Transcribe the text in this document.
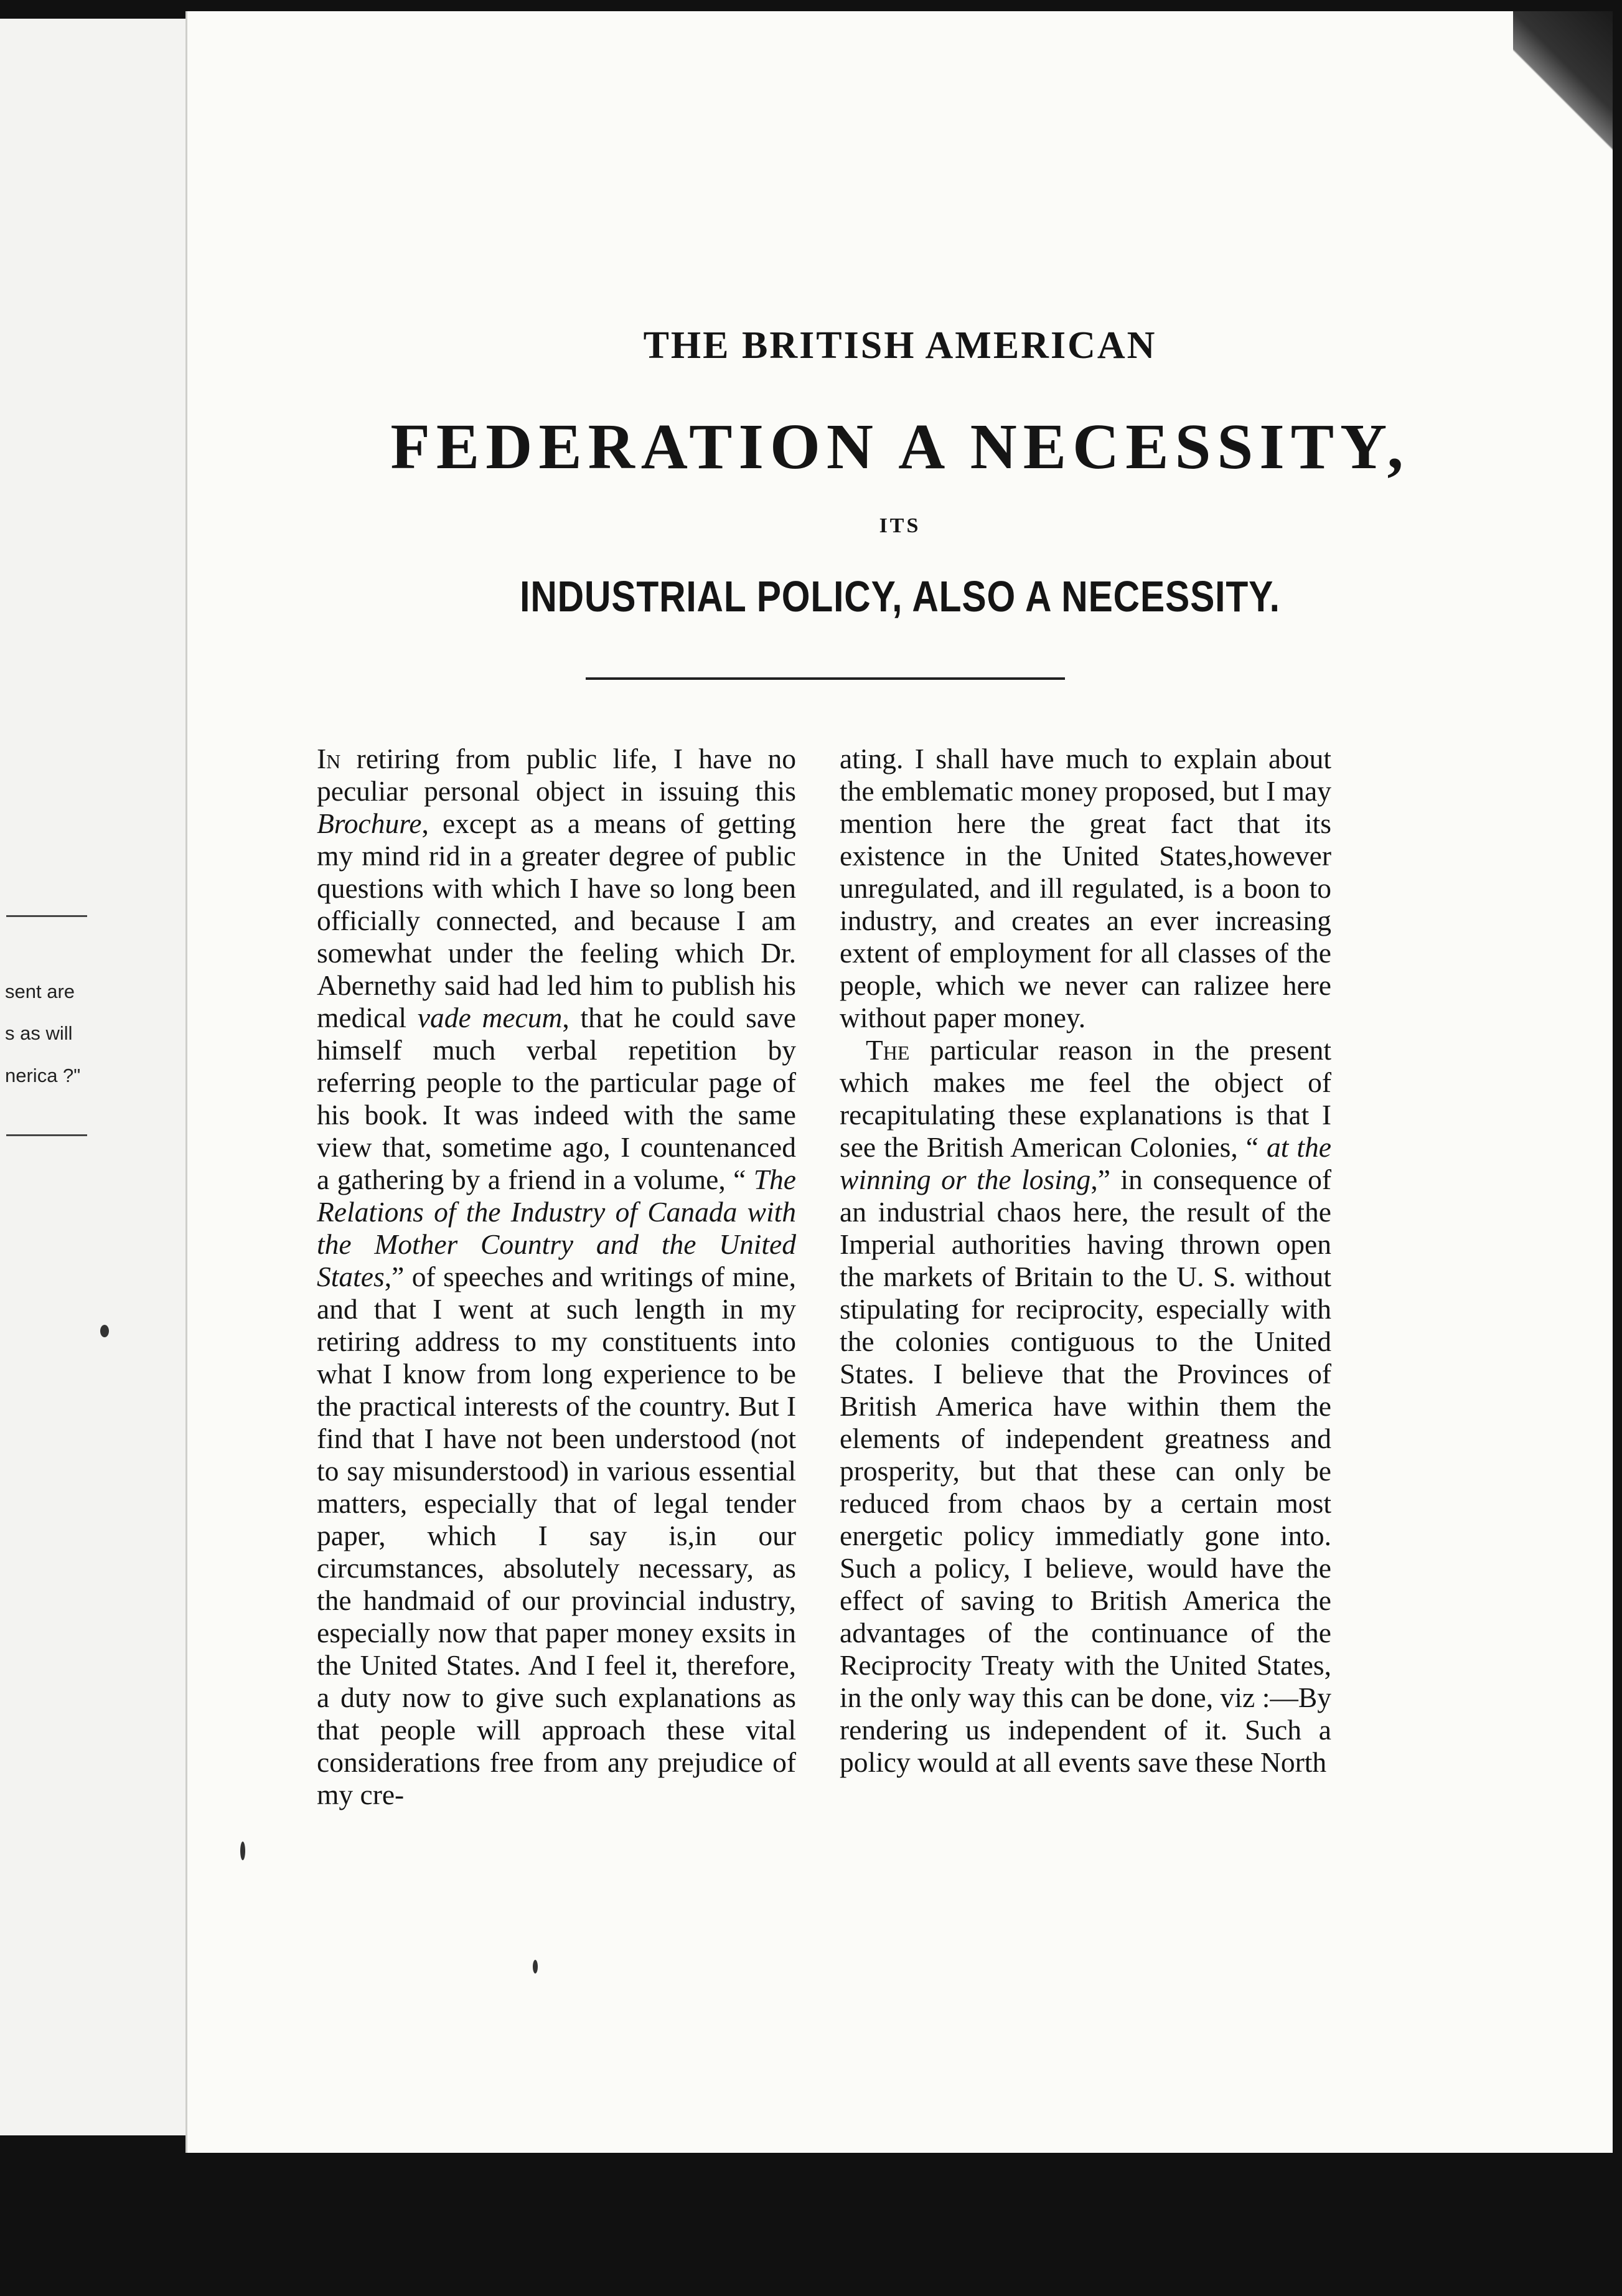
sent are
s as will
nerica ?"
THE BRITISH AMERICAN
FEDERATION A NECESSITY,
ITS
INDUSTRIAL POLICY, ALSO A NECESSITY.

In retiring from public life, I have no peculiar personal object in issuing this Brochure, except as a means of getting my mind rid in a greater degree of public questions with which I have so long been officially connected, and because I am somewhat under the feeling which Dr. Abernethy said had led him to publish his medical vade mecum, that he could save himself much verbal repetition by referring people to the particular page of his book. It was indeed with the same view that, sometime ago, I countenanced a gathering by a friend in a volume, “ The Relations of the Industry of Canada with the Mother Country and the United States,” of speeches and writings of mine, and that I went at such length in my retiring address to my constituents into what I know from long experience to be the practical interests of the country. But I find that I have not been understood (not to say misunderstood) in various essential matters, especially that of legal tender paper, which I say is,in our circumstances, absolutely necessary, as the handmaid of our provincial industry, especially now that paper money exsits in the United States. And I feel it, therefore, a duty now to give such explanations as that people will approach these vital considerations free from any prejudice of my cre-

ating. I shall have much to explain about the emblematic money proposed, but I may mention here the great fact that its existence in the United States,however unregulated, and ill regulated, is a boon to industry, and creates an ever increasing extent of employment for all classes of the people, which we never can ralizee here without paper money.

The particular reason in the present which makes me feel the object of recapitulating these explanations is that I see the British American Colonies, “ at the winning or the losing,” in consequence of an industrial chaos here, the result of the Imperial authorities having thrown open the markets of Britain to the U. S. without stipulating for reciprocity, especially with the colonies contiguous to the United States. I believe that the Provinces of British America have within them the elements of independent greatness and prosperity, but that these can only be reduced from chaos by a certain most energetic policy immediatly gone into. Such a policy, I believe, would have the effect of saving to British America the advantages of the continuance of the Reciprocity Treaty with the United States, in the only way this can be done, viz :—By rendering us independent of it. Such a policy would at all events save these North
